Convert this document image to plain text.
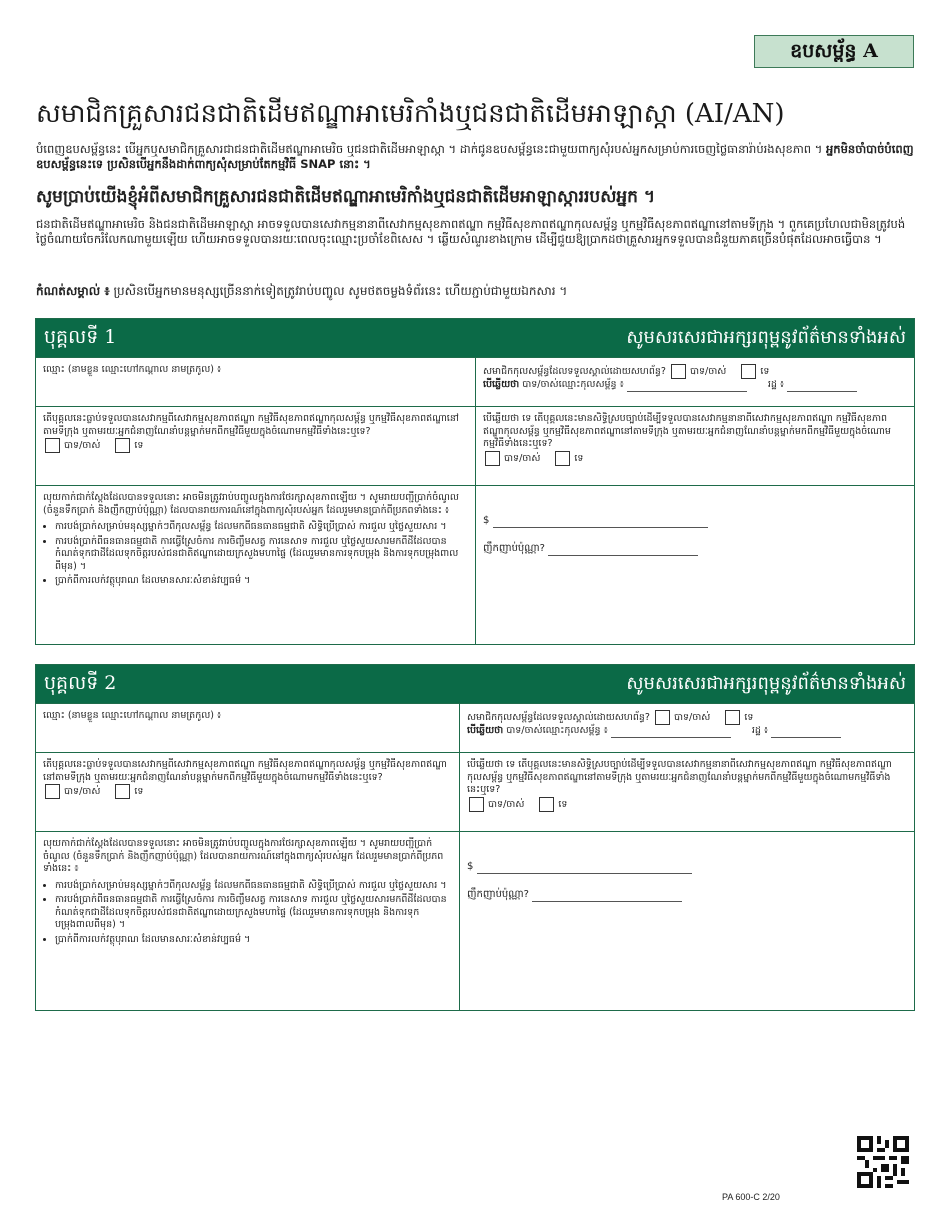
ឧបសម្ព័ន្ធ A
សមាជិកគ្រួសារជនជាតិដើមឥណ្ឌាអាមេរិកាំងឬជនជាតិដើមអាឡាស្កា (AI/AN)
បំពេញឧបសម្ព័ន្ធនេះ បើអ្នកឬសមាជិកគ្រួសារជាជនជាតិដើមឥណ្ឌាអាមេរិច ឬជនជាតិដើមអាឡាស្កា ។ ដាក់ជូនឧបសម្ព័ន្ធនេះជាមួយពាក្យសុំរបស់អ្នកសម្រាប់ការចេញថ្លៃធានារ៉ាប់រងសុខភាព ។ អ្នកមិនចាំបាច់បំពេញឧបសម្ព័ន្ធនេះទេ ប្រសិនបើអ្នកនឹងដាក់ពាក្យសុំសម្រាប់តែកម្មវិធី SNAP នោះ ។
សូមប្រាប់យើងខ្ញុំអំពីសមាជិកគ្រួសារជនជាតិដើមឥណ្ឌាអាមេរិកាំងឬជនជាតិដើមអាឡាស្ការរបស់អ្នក ។
ជនជាតិដើមឥណ្ឌាអាមេរិច និងជនជាតិដើមអាឡាស្កា អាចទទួលបានសេវាកម្មនានាពីសេវាកម្មសុខភាពឥណ្ឌា កម្មវិធីសុខភាពឥណ្ឌាកុលសម្ព័ន្ធ ឬកម្មវិធីសុខភាពឥណ្ឌានៅតាមទីក្រុង ។ ពួកគេប្រហែលជាមិនត្រូវបង់ថ្លៃចំណាយចែករំលែកណាមួយឡើយ ហើយអាចទទួលបានរយៈពេលចុះឈ្មោះប្រចាំខែពិសេស ។ ឆ្លើយសំណួរខាងក្រោម ដើម្បីជួយឱ្យប្រាកដថាគ្រួសារអ្នកទទួលបានជំនួយភាគច្រើនបំផុតដែលអាចធ្វើបាន ។
កំណត់សម្គាល់ ៖ ប្រសិនបើអ្នកមានមនុស្សច្រើននាក់ទៀតត្រូវរាប់បញ្ចូល សូមថតចម្លងទំព័រនេះ ហើយភ្ជាប់ជាមួយឯកសារ ។
បុគ្គលទី 1	សូមសរសេរជាអក្សរពុម្ពនូវព័ត៌មានទាំងអស់
ឈ្មោះ (នាមខ្លួន ឈ្មោះហៅកណ្តាល នាមត្រកូល) ៖	សមាជិកកុលសម្ព័ន្ធដែលទទួលស្គាល់ដោយសហព័ន្ធ?	បាទ/ចាស់	ទេ
បើឆ្លើយថា បាទ/ចាស់ឈ្មោះកុលសម្ព័ន្ធ ៖	រដ្ឋ ៖
តើបុគ្គលនេះធ្លាប់ទទួលបានសេវាកម្មពីសេវាកម្មសុខភាពឥណ្ឌា កម្មវិធីសុខភាពឥណ្ឌាកុលសម្ព័ន្ធ ឬកម្មវិធីសុខភាពឥណ្ឌានៅតាមទីក្រុង ឬតាមរយៈអ្នកជំនាញណែនាំបន្តម្នាក់មកពីកម្មវិធីមួយក្នុងចំណោមកម្មវិធីទាំងនេះឬទេ?
បាទ/ចាស់	ទេ
បើឆ្លើយថា ទេ តើបុគ្គលនេះមានសិទ្ធិស្របច្បាប់ដើម្បីទទួលបានសេវាកម្មនានាពីសេវាកម្មសុខភាពឥណ្ឌា កម្មវិធីសុខភាពឥណ្ឌាកុលសម្ព័ន្ធ ឬកម្មវិធីសុខភាពឥណ្ឌានៅតាមទីក្រុង ឬតាមរយៈអ្នកជំនាញណែនាំបន្តម្នាក់មកពីកម្មវិធីមួយក្នុងចំណោមកម្មវិធីទាំងនេះឬទេ?
បាទ/ចាស់	ទេ
លុយកាក់ជាក់ស្តែងដែលបានទទួលនោះ អាចមិនត្រូវរាប់បញ្ចូលក្នុងការថែរក្សាសុខភាពឡើយ ។ សូមរាយបញ្ជីប្រាក់ចំណូល (ចំនួនទឹកប្រាក់ និងញឹកញាប់ប៉ុណ្ណា) ដែលបានរាយការណ៍នៅក្នុងពាក្យសុំរបស់អ្នក ដែលរួមមានប្រាក់ពីប្រភពទាំងនេះ ៖
• ការបង់ប្រាក់សម្រាប់មនុស្សម្នាក់ៗពីកុលសម្ព័ន្ធ ដែលមកពីធនធានធម្មជាតិ សិទ្ធិប្រើប្រាស់ ការជួល ឬថ្លៃសួយសារ ។
• ការបង់ប្រាក់ពីធនធានធម្មជាតិ ការធ្វើស្រែចំការ ការចិញ្ចឹមសត្វ ការនេសាទ ការជួល ឬថ្លៃសួយសារមកពីដីដែលបានកំណត់ទុកជាដីដែលទុកចិត្តរបស់ជនជាតិឥណ្ឌាដោយក្រសួងមហាផ្ទៃ (ដែលរួមមានការទុកបម្រុង និងការទុកបម្រុងពាលពីមុន) ។
• ប្រាក់ពីការលក់វត្ថុបុរាណ ដែលមានសារៈសំខាន់វប្បធម៌ ។
$

ញឹកញាប់ប៉ុណ្ណា?
បុគ្គលទី 2	សូមសរសេរជាអក្សរពុម្ពនូវព័ត៌មានទាំងអស់
ឈ្មោះ (នាមខ្លួន ឈ្មោះហៅកណ្តាល នាមត្រកូល) ៖	សមាជិកកុលសម្ព័ន្ធដែលទទួលស្គាល់ដោយសហព័ន្ធ?	បាទ/ចាស់	ទេ
បើឆ្លើយថា បាទ/ចាស់ឈ្មោះកុលសម្ព័ន្ធ ៖	រដ្ឋ ៖
តើបុគ្គលនេះធ្លាប់ទទួលបានសេវាកម្មពីសេវាកម្មសុខភាពឥណ្ឌា កម្មវិធីសុខភាពឥណ្ឌាកុលសម្ព័ន្ធ ឬកម្មវិធីសុខភាពឥណ្ឌានៅតាមទីក្រុង ឬតាមរយៈអ្នកជំនាញណែនាំបន្តម្នាក់មកពីកម្មវិធីមួយក្នុងចំណោមកម្មវិធីទាំងនេះឬទេ?
បាទ/ចាស់	ទេ
បើឆ្លើយថា ទេ តើបុគ្គលនេះមានសិទ្ធិស្របច្បាប់ដើម្បីទទួលបានសេវាកម្មនានាពីសេវាកម្មសុខភាពឥណ្ឌា កម្មវិធីសុខភាពឥណ្ឌាកុលសម្ព័ន្ធ ឬកម្មវិធីសុខភាពឥណ្ឌានៅតាមទីក្រុង ឬតាមរយៈអ្នកជំនាញណែនាំបន្តម្នាក់មកពីកម្មវិធីមួយក្នុងចំណោមកម្មវិធីទាំងនេះឬទេ?
បាទ/ចាស់	ទេ
លុយកាក់ជាក់ស្តែងដែលបានទទួលនោះ អាចមិនត្រូវរាប់បញ្ចូលក្នុងការថែរក្សាសុខភាពឡើយ ។ សូមរាយបញ្ជីប្រាក់ចំណូល (ចំនួនទឹកប្រាក់ និងញឹកញាប់ប៉ុណ្ណា) ដែលបានរាយការណ៍នៅក្នុងពាក្យសុំរបស់អ្នក ដែលរួមមានប្រាក់ពីប្រភពទាំងនេះ ៖
• ការបង់ប្រាក់សម្រាប់មនុស្សម្នាក់ៗពីកុលសម្ព័ន្ធ ដែលមកពីធនធានធម្មជាតិ សិទ្ធិប្រើប្រាស់ ការជួល ឬថ្លៃសួយសារ ។
• ការបង់ប្រាក់ពីធនធានធម្មជាតិ ការធ្វើស្រែចំការ ការចិញ្ចឹមសត្វ ការនេសាទ ការជួល ឬថ្លៃសួយសារមកពីដីដែលបានកំណត់ទុកជាដីដែលទុកចិត្តរបស់ជនជាតិឥណ្ឌាដោយក្រសួងមហាផ្ទៃ (ដែលរួមមានការទុកបម្រុង និងការទុកបម្រុងពាលពីមុន) ។
• ប្រាក់ពីការលក់វត្ថុបុរាណ ដែលមានសារៈសំខាន់វប្បធម៌ ។
$

ញឹកញាប់ប៉ុណ្ណា?
PA 600-C 2/20
